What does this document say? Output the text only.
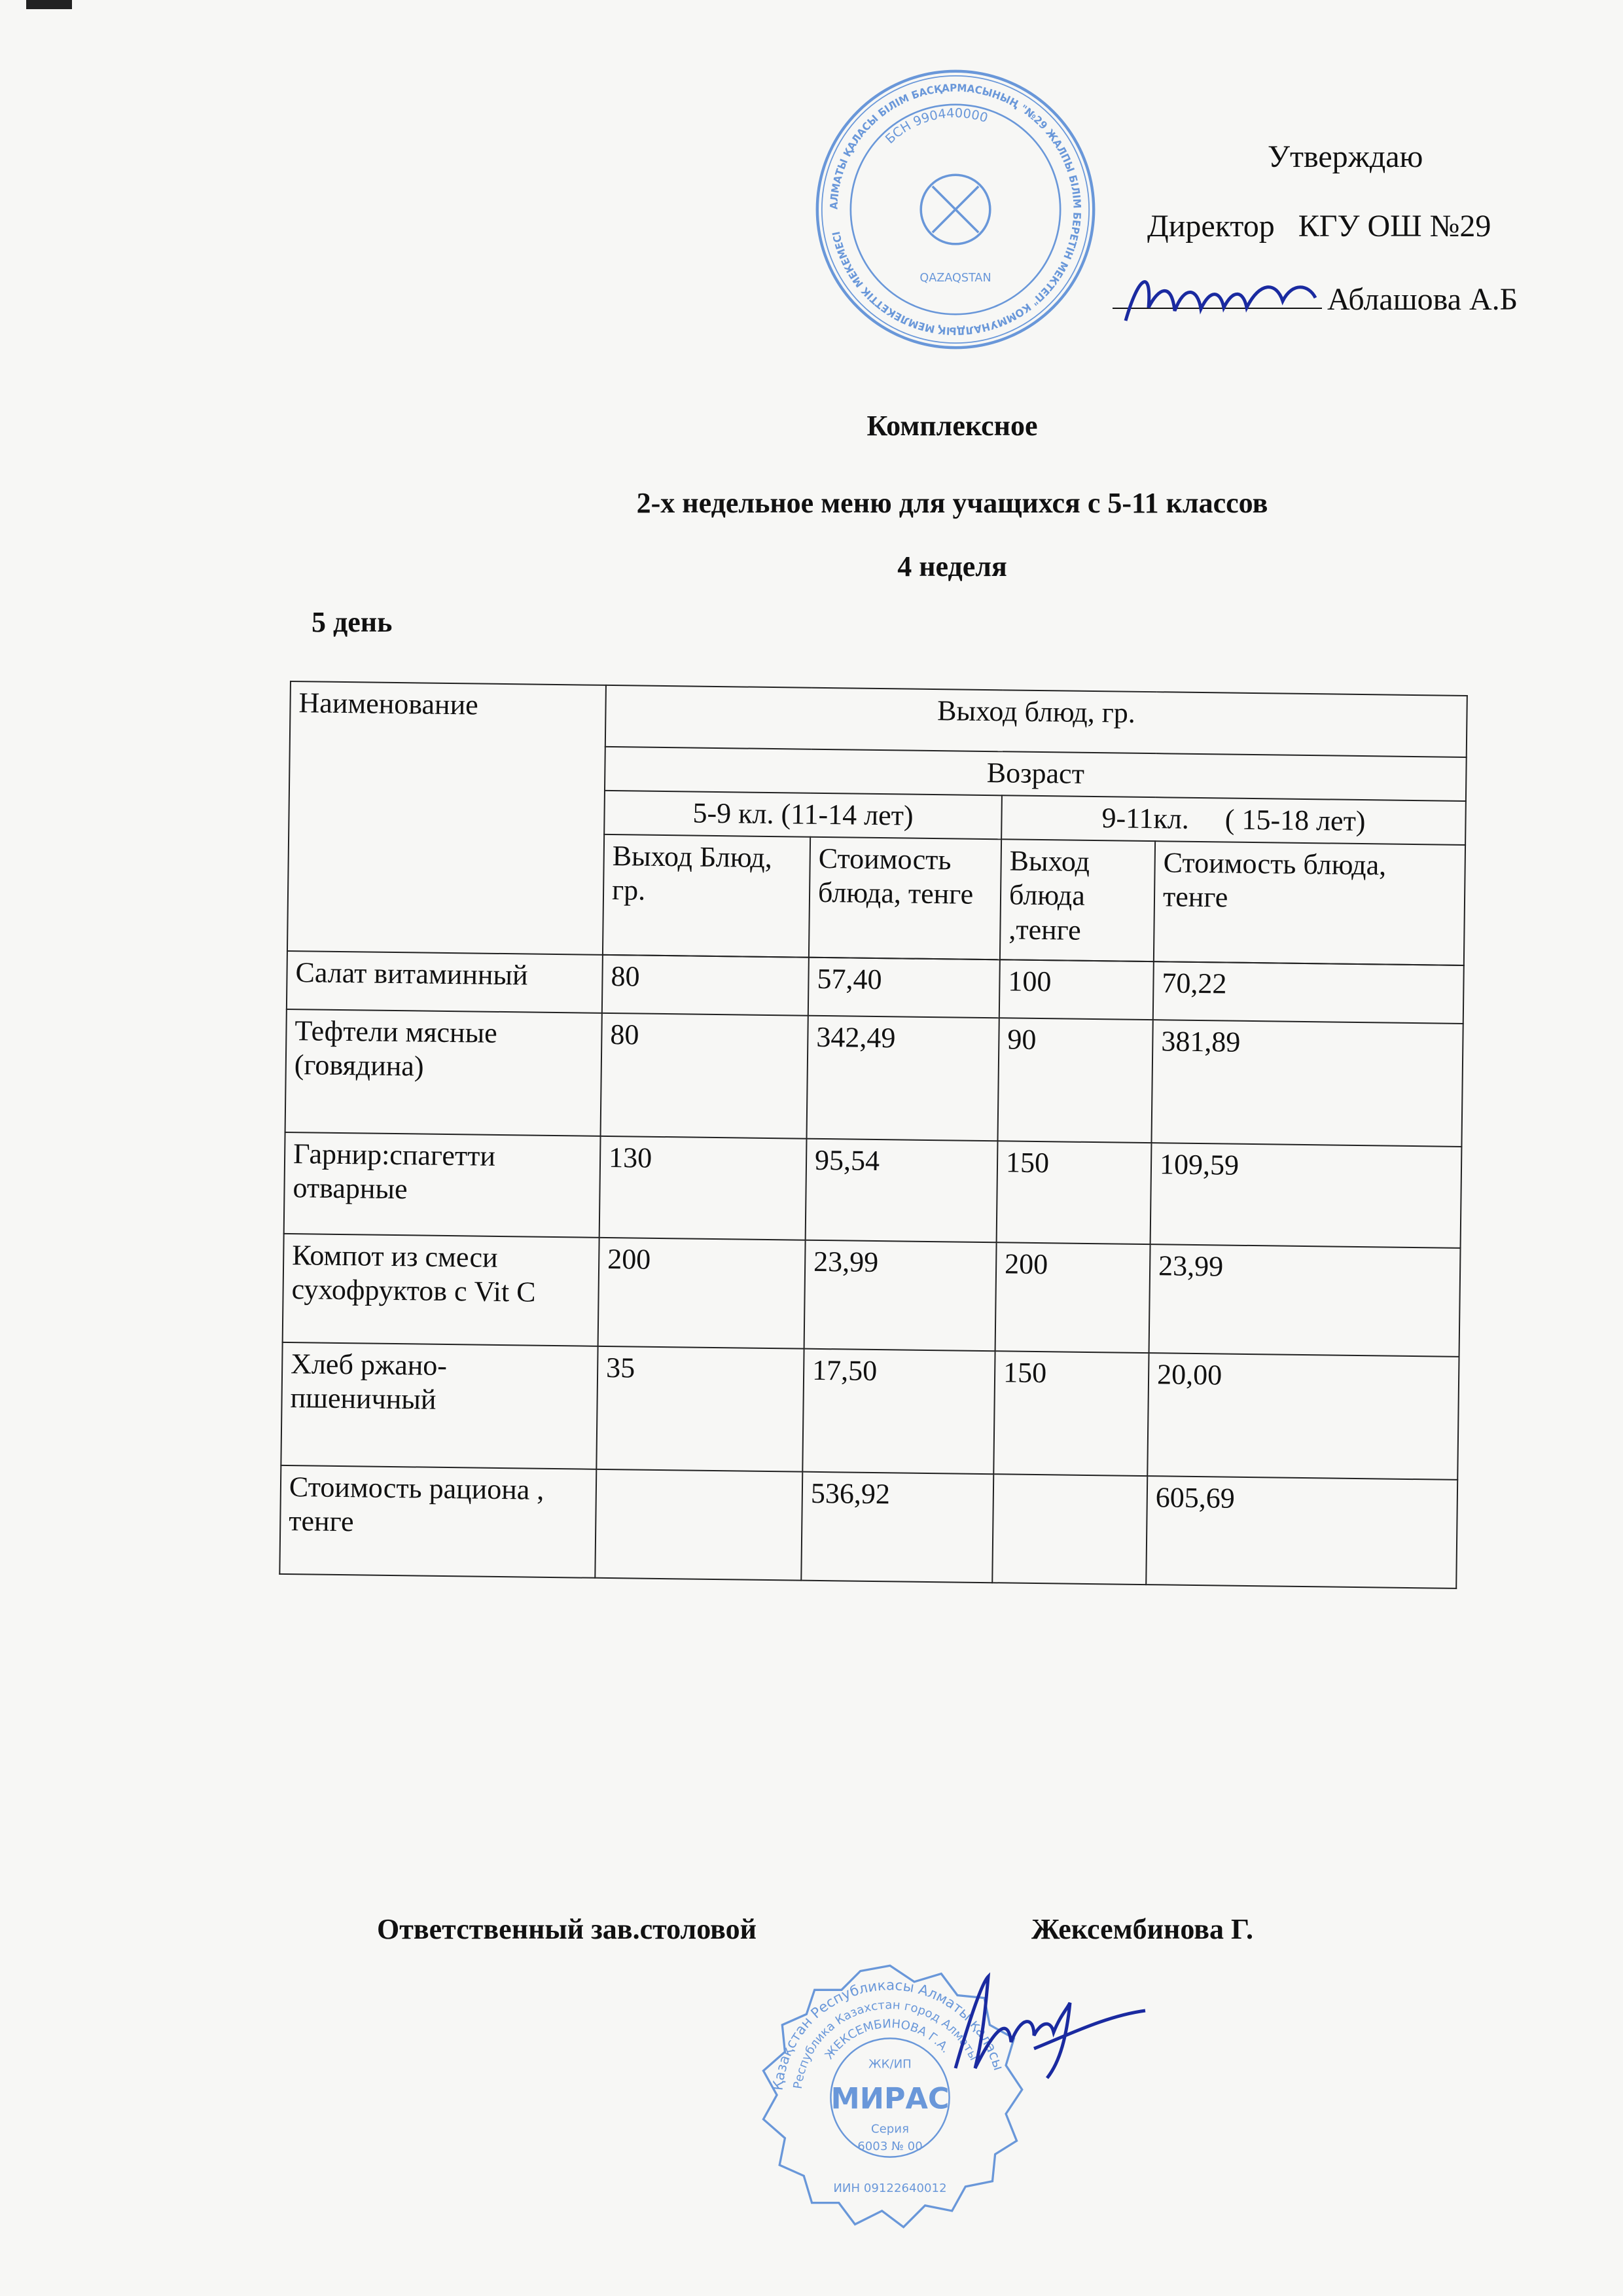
АЛМАТЫ ҚАЛАСЫ БІЛІМ БАСҚАРМАСЫНЫҢ "№29 ЖАЛПЫ БІЛІМ БЕРЕТІН МЕКТЕП" КОММУНАЛДЫҚ МЕМЛЕКЕТТІК МЕКЕМЕСІ
БСН 990440000
QAZAQSTAN
Утверждаю
Директор   КГУ ОШ №29
Аблашова А.Б
Комплексное
2-х недельное меню для учащихся с 5-11 классов
4 неделя
5 день
Наименование	Выход блюд, гр.			
	Возраст			
	5-9 кл. (11-14 лет)		9-11кл.     ( 15-18 лет)	
	Выход Блюд, гр.	Стоимость блюда, тенге	Выход блюда ,тенге	Стоимость блюда, тенге

Салат витаминный	80	57,40	100	70,22
Тефтели мясные (говядина)	80	342,49	90	381,89
Гарнир:спагетти отварные	130	95,54	150	109,59
Компот из смеси сухофруктов с Vit C	200	23,99	200	23,99
Хлеб ржано-пшеничный	35	17,50	150	20,00
Стоимость рациона , тенге		536,92		605,69
Ответственный зав.столовой	Жексембинова Г.
Қазақстан Республикасы Алматы қаласы
Республика Казахстан город Алматы
ЖЕКСЕМБИНОВА Г.А.
ЖК/ИП
МИРАС
Серия
6003 № 00
ИИН 09122640012
